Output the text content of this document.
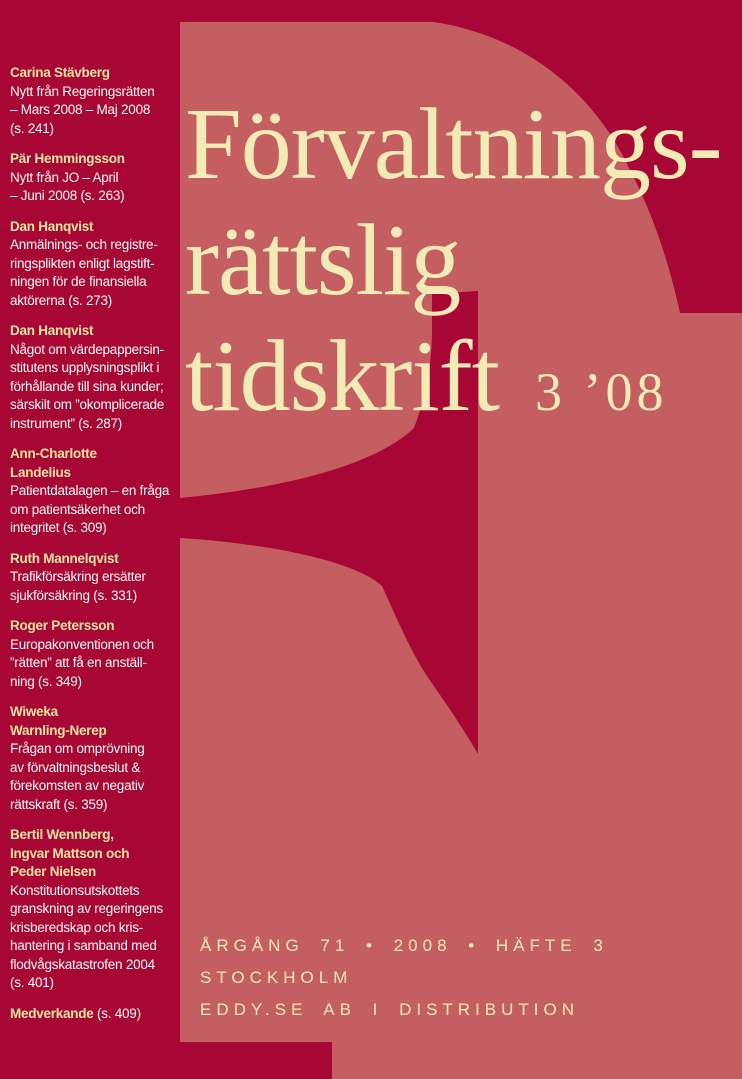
Carina Stävberg
Nytt från Regeringsrätten
– Mars 2008 – Maj 2008
(s. 241)
Pär Hemmingsson
Nytt från JO – April
– Juni 2008 (s. 263)
Dan Hanqvist
Anmälnings- och registre-
ringsplikten enligt lagstift-
ningen för de finansiella
aktörerna (s. 273)
Dan Hanqvist
Något om värdepappersin-
stitutens upplysningsplikt i
förhållande till sina kunder;
särskilt om ”okomplicerade
instrument” (s. 287)
Ann-Charlotte
Landelius
Patientdatalagen – en fråga
om patientsäkerhet och
integritet (s. 309)
Ruth Mannelqvist
Trafikförsäkring ersätter
sjukförsäkring (s. 331)
Roger Petersson
Europakonventionen och
”rätten” att få en anställ-
ning (s. 349)
Wiweka
Warnling-Nerep
Frågan om omprövning
av förvaltningsbeslut &
förekomsten av negativ
rättskraft (s. 359)
Bertil Wennberg,
Ingvar Mattson och
Peder Nielsen
Konstitutionsutskottets
granskning av regeringens
krisberedskap och kris-
hantering i samband med
flodvågskatastrofen 2004
(s. 401)
Medverkande (s. 409)
Förvaltnings-
rättslig
tidskrift 3 ’08
ÅRGÅNG 71 • 2008 • HÄFTE 3
STOCKHOLM
EDDY.SE AB I DISTRIBUTION
